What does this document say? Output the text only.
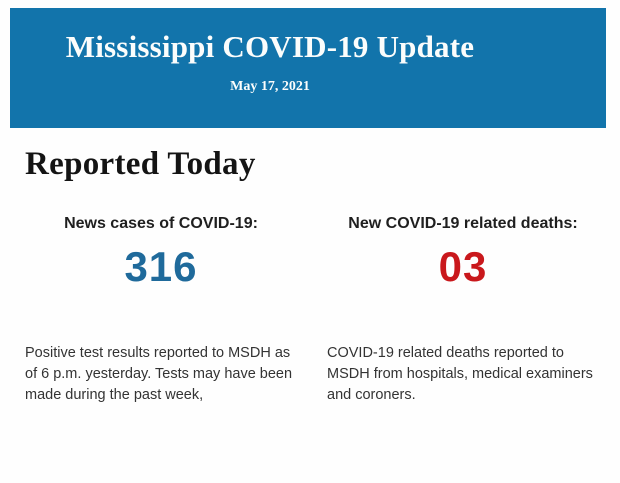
Mississippi COVID-19 Update
May 17, 2021
Reported Today
News cases of COVID-19:
316

Positive test results reported to MSDH as
of 6 p.m. yesterday. Tests may have been
made during the past week,

New COVID-19 related deaths:
03

COVID-19 related deaths reported to
MSDH from hospitals, medical examiners
and coroners.
